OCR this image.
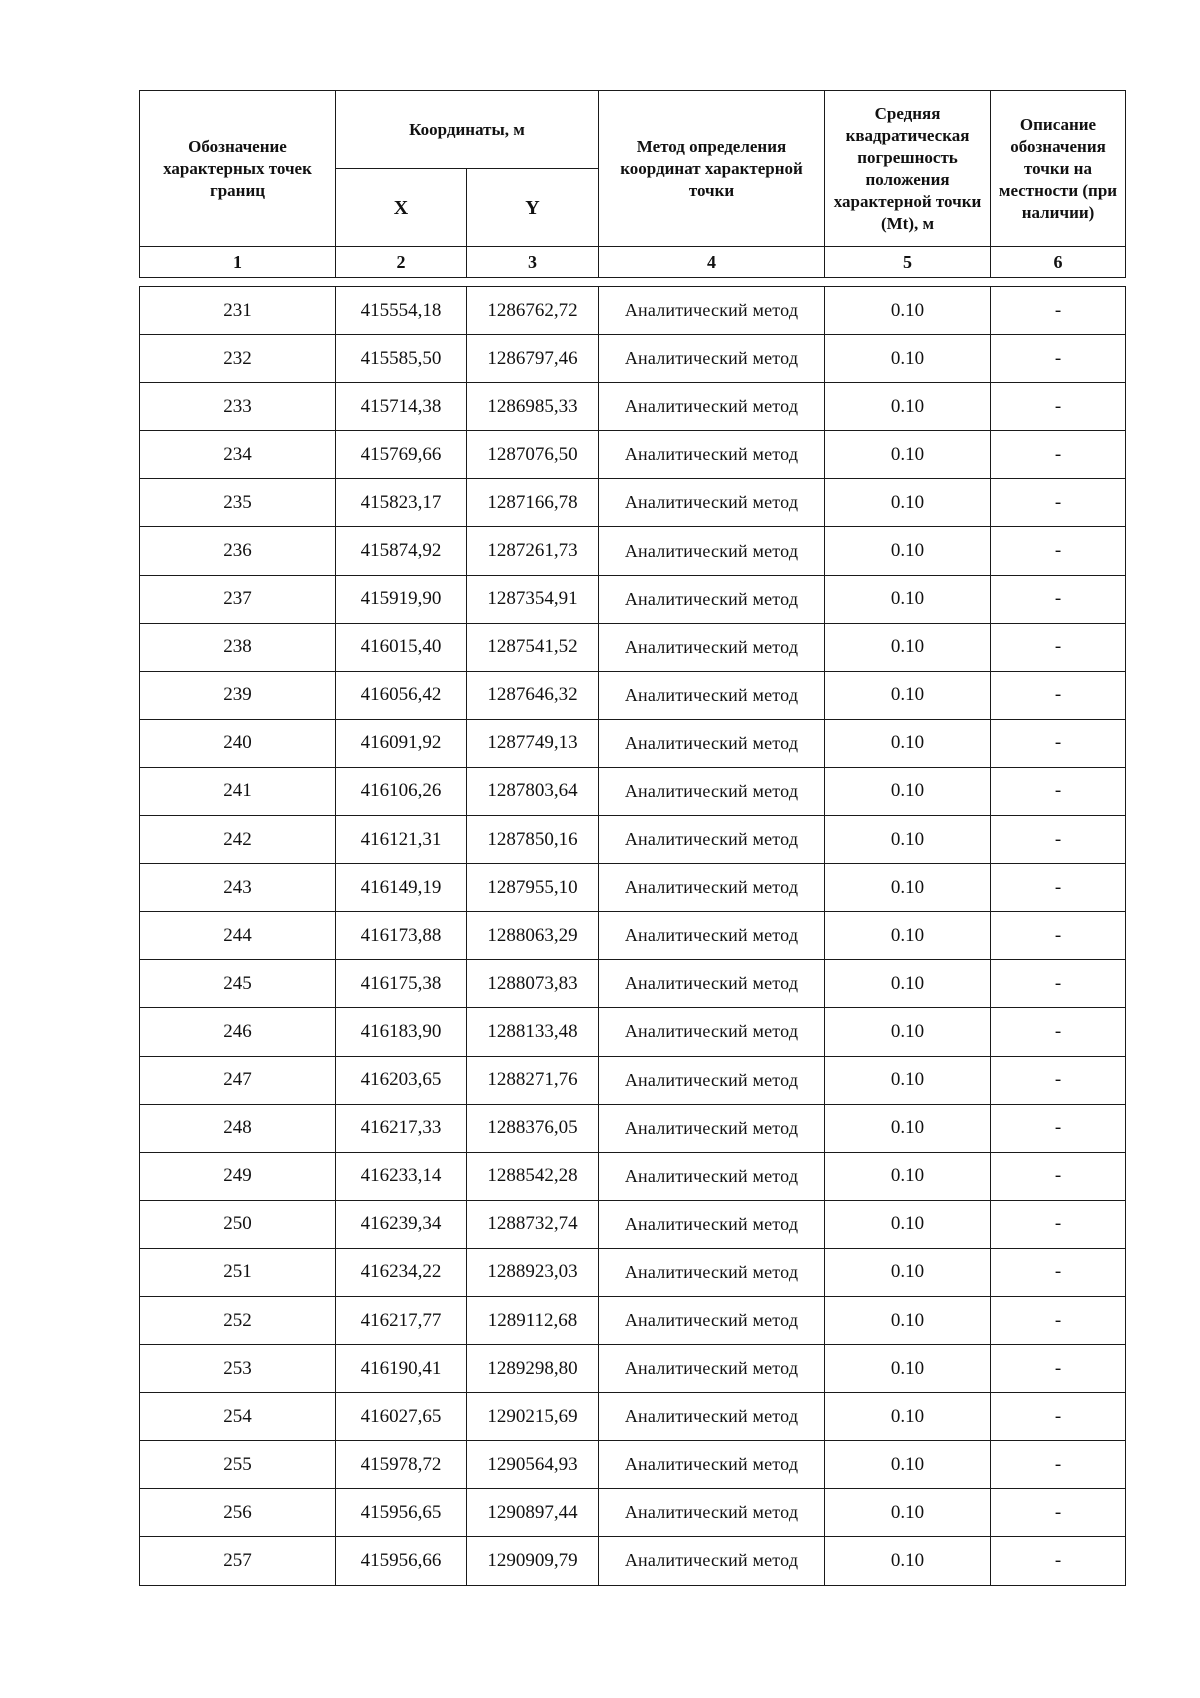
Обозначение характерных точек границ	Координаты, м		Метод определения координат характерной точки	Средняя квадратическая погрешность положения характерной точки (Mt), м	Описание обозначения точки на местности (при наличии)
	X	Y			
1	2	3	4	5	6

231	415554,18	1286762,72	Аналитический метод	0.10	-
232	415585,50	1286797,46	Аналитический метод	0.10	-
233	415714,38	1286985,33	Аналитический метод	0.10	-
234	415769,66	1287076,50	Аналитический метод	0.10	-
235	415823,17	1287166,78	Аналитический метод	0.10	-
236	415874,92	1287261,73	Аналитический метод	0.10	-
237	415919,90	1287354,91	Аналитический метод	0.10	-
238	416015,40	1287541,52	Аналитический метод	0.10	-
239	416056,42	1287646,32	Аналитический метод	0.10	-
240	416091,92	1287749,13	Аналитический метод	0.10	-
241	416106,26	1287803,64	Аналитический метод	0.10	-
242	416121,31	1287850,16	Аналитический метод	0.10	-
243	416149,19	1287955,10	Аналитический метод	0.10	-
244	416173,88	1288063,29	Аналитический метод	0.10	-
245	416175,38	1288073,83	Аналитический метод	0.10	-
246	416183,90	1288133,48	Аналитический метод	0.10	-
247	416203,65	1288271,76	Аналитический метод	0.10	-
248	416217,33	1288376,05	Аналитический метод	0.10	-
249	416233,14	1288542,28	Аналитический метод	0.10	-
250	416239,34	1288732,74	Аналитический метод	0.10	-
251	416234,22	1288923,03	Аналитический метод	0.10	-
252	416217,77	1289112,68	Аналитический метод	0.10	-
253	416190,41	1289298,80	Аналитический метод	0.10	-
254	416027,65	1290215,69	Аналитический метод	0.10	-
255	415978,72	1290564,93	Аналитический метод	0.10	-
256	415956,65	1290897,44	Аналитический метод	0.10	-
257	415956,66	1290909,79	Аналитический метод	0.10	-
